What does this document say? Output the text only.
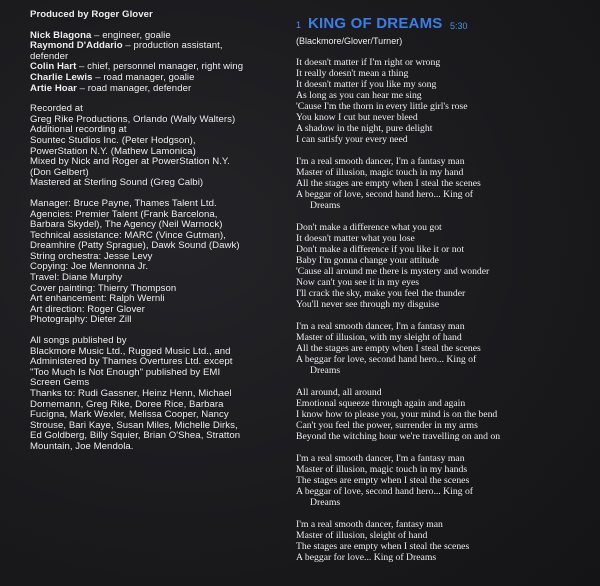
Produced by Roger Glover
Nick Blagona – engineer, goalie
Raymond D'Addario – production assistant,
defender
Colin Hart – chief, personnel manager, right wing
Charlie Lewis – road manager, goalie
Artie Hoar – road manager, defender
Recorded at
Greg Rike Productions, Orlando (Wally Walters)
Additional recording at
Sountec Studios Inc. (Peter Hodgson),
PowerStation N.Y. (Mathew Lamonica)
Mixed by Nick and Roger at PowerStation N.Y.
(Don Gelbert)
Mastered at Sterling Sound (Greg Calbi)
Manager: Bruce Payne, Thames Talent Ltd.
Agencies: Premier Talent (Frank Barcelona,
Barbara Skydel), The Agency (Neil Warnock)
Technical assistance: MARC (Vince Gutman),
Dreamhire (Patty Sprague), Dawk Sound (Dawk)
String orchestra: Jesse Levy
Copying: Joe Mennonna Jr.
Travel: Diane Murphy
Cover painting: Thierry Thompson
Art enhancement: Ralph Wernli
Art direction: Roger Glover
Photography: Dieter Zill
All songs published by
Blackmore Music Ltd., Rugged Music Ltd., and
Administered by Thames Overtures Ltd. except
"Too Much Is Not Enough" published by EMI
Screen Gems
Thanks to: Rudi Gassner, Heinz Henn, Michael
Dornemann, Greg Rike, Doree Rice, Barbara
Fucigna, Mark Wexler, Melissa Cooper, Nancy
Strouse, Bari Kaye, Susan Miles, Michelle Dirks,
Ed Goldberg, Billy Squier, Brian O'Shea, Stratton
Mountain, Joe Mendola.
1 KING OF DREAMS 5:30
(Blackmore/Glover/Turner)
It doesn't matter if I'm right or wrong
It really doesn't mean a thing
It doesn't matter if you like my song
As long as you can hear me sing
'Cause I'm the thorn in every little girl's rose
You know I cut but never bleed
A shadow in the night, pure delight
I can satisfy your every need
I'm a real smooth dancer, I'm a fantasy man
Master of illusion, magic touch in my hand
All the stages are empty when I steal the scenes
A beggar of love, second hand hero... King of
Dreams
Don't make a difference what you got
It doesn't matter what you lose
Don't make a difference if you like it or not
Baby I'm gonna change your attitude
'Cause all around me there is mystery and wonder
Now can't you see it in my eyes
I'll crack the sky, make you feel the thunder
You'll never see through my disguise
I'm a real smooth dancer, I'm a fantasy man
Master of illusion, with my sleight of hand
All the stages are empty when I steal the scenes
A beggar for love, second hand hero... King of
Dreams
All around, all around
Emotional squeeze through again and again
I know how to please you, your mind is on the bend
Can't you feel the power, surrender in my arms
Beyond the witching hour we're travelling on and on
I'm a real smooth dancer, I'm a fantasy man
Master of illusion, magic touch in my hands
The stages are empty when I steal the scenes
A beggar of love, second hand hero... King of
Dreams
I'm a real smooth dancer, fantasy man
Master of illusion, sleight of hand
The stages are empty when I steal the scenes
A beggar for love... King of Dreams
